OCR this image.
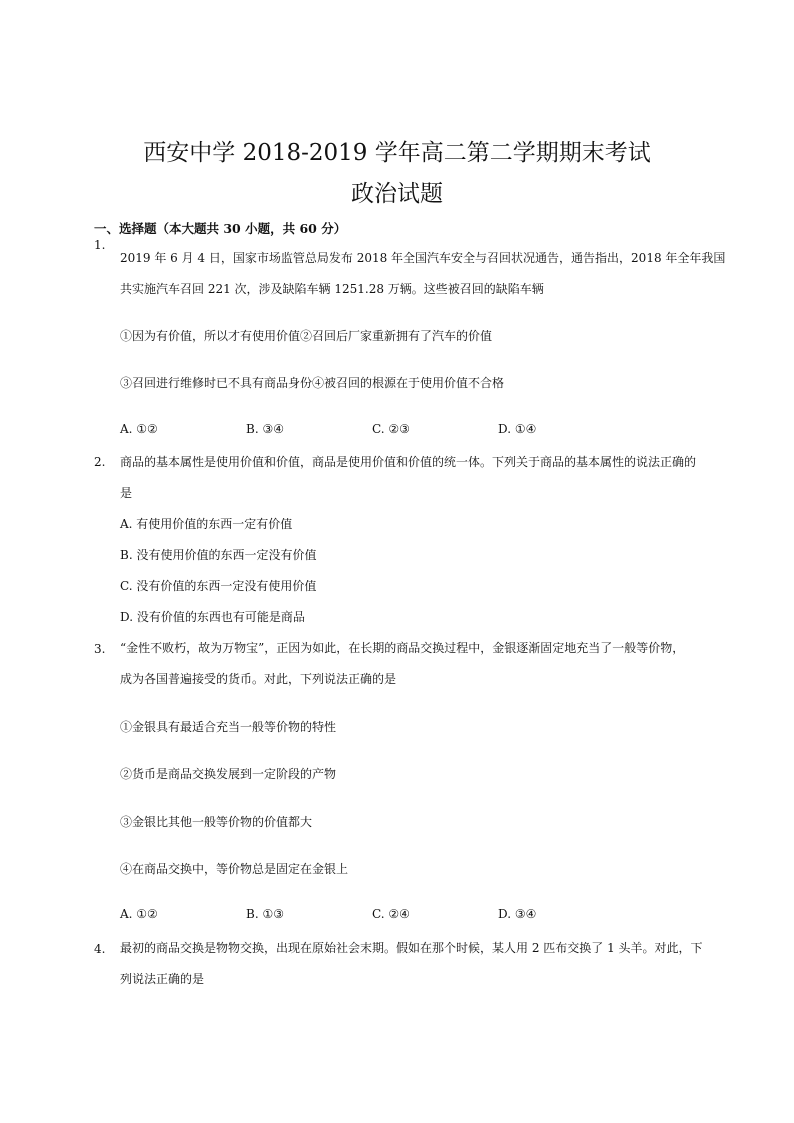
西安中学 2018-2019 学年高二第二学期期末考试
政治试题
一、选择题（本大题共 30 小题，共 60 分）
1.
2019 年 6 月 4 日，国家市场监管总局发布 2018 年全国汽车安全与召回状况通告，通告指出，2018 年全年我国
共实施汽车召回 221 次，涉及缺陷车辆 1251.28 万辆。这些被召回的缺陷车辆
①因为有价值，所以才有使用价值②召回后厂家重新拥有了汽车的价值
③召回进行维修时已不具有商品身份④被召回的根源在于使用价值不合格
A. ①②	B. ③④	C. ②③	D. ①④
2. 商品的基本属性是使用价值和价值，商品是使用价值和价值的统一体。下列关于商品的基本属性的说法正确的
是
A. 有使用价值的东西一定有价值
B. 没有使用价值的东西一定没有价值
C. 没有价值的东西一定没有使用价值
D. 没有价值的东西也有可能是商品
3. “金性不败朽，故为万物宝”，正因为如此，在长期的商品交换过程中，金银逐渐固定地充当了一般等价物，
成为各国普遍接受的货币。对此，下列说法正确的是
①金银具有最适合充当一般等价物的特性
②货币是商品交换发展到一定阶段的产物
③金银比其他一般等价物的价值都大
④在商品交换中，等价物总是固定在金银上
A. ①②	B. ①③	C. ②④	D. ③④
4. 最初的商品交换是物物交换，出现在原始社会末期。假如在那个时候，某人用 2 匹布交换了 1 头羊。对此，下
列说法正确的是
